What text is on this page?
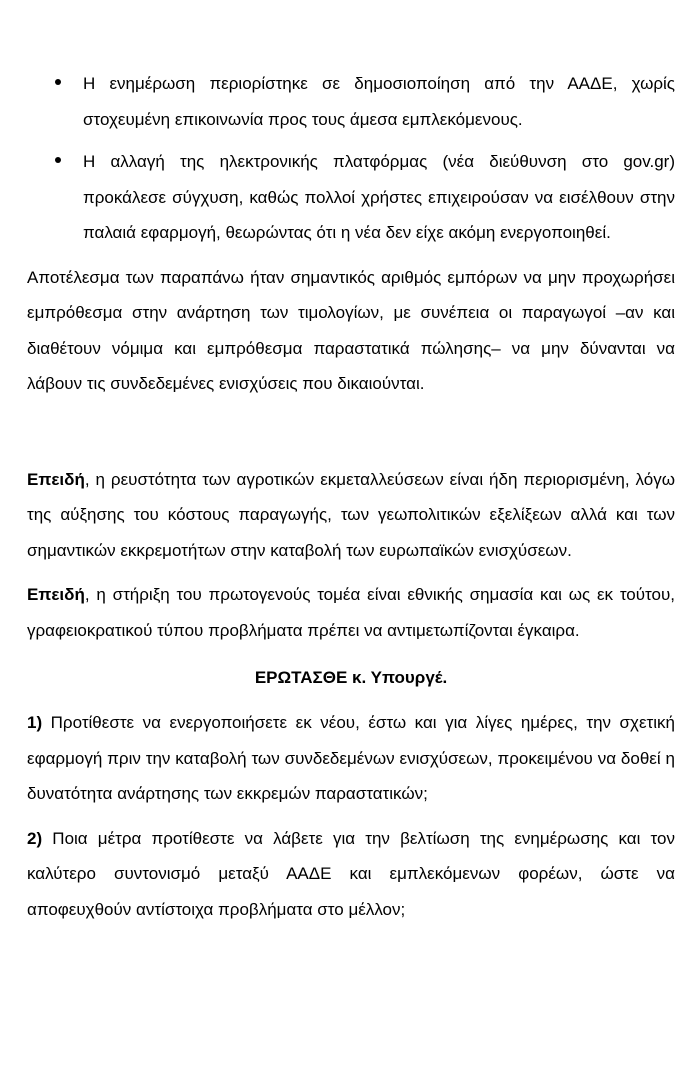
Η ενημέρωση περιορίστηκε σε δημοσιοποίηση από την ΑΑΔΕ, χωρίς στοχευμένη επικοινωνία προς τους άμεσα εμπλεκόμενους.
Η αλλαγή της ηλεκτρονικής πλατφόρμας (νέα διεύθυνση στο gov.gr) προκάλεσε σύγχυση, καθώς πολλοί χρήστες επιχειρούσαν να εισέλθουν στην παλαιά εφαρμογή, θεωρώντας ότι η νέα δεν είχε ακόμη ενεργοποιηθεί.

Αποτέλεσμα των παραπάνω ήταν σημαντικός αριθμός εμπόρων να μην προχωρήσει εμπρόθεσμα στην ανάρτηση των τιμολογίων, με συνέπεια οι παραγωγοί –αν και διαθέτουν νόμιμα και εμπρόθεσμα παραστατικά πώλησης– να μην δύνανται να λάβουν τις συνδεδεμένες ενισχύσεις που δικαιούνται.

Επειδή, η ρευστότητα των αγροτικών εκμεταλλεύσεων είναι ήδη περιορισμένη, λόγω της αύξησης του κόστους παραγωγής, των γεωπολιτικών εξελίξεων αλλά και των σημαντικών εκκρεμοτήτων στην καταβολή των ευρωπαϊκών ενισχύσεων.

Επειδή, η στήριξη του πρωτογενούς τομέα είναι εθνικής σημασία και ως εκ τούτου, γραφειοκρατικού τύπου προβλήματα πρέπει να αντιμετωπίζονται έγκαιρα.

ΕΡΩΤΑΣΘΕ κ. Υπουργέ.

1) Προτίθεστε να ενεργοποιήσετε εκ νέου, έστω και για λίγες ημέρες, την σχετική εφαρμογή πριν την καταβολή των συνδεδεμένων ενισχύσεων, προκειμένου να δοθεί η δυνατότητα ανάρτησης των εκκρεμών παραστατικών;

2) Ποια μέτρα προτίθεστε να λάβετε για την βελτίωση της ενημέρωσης και τον καλύτερο συντονισμό μεταξύ ΑΑΔΕ και εμπλεκόμενων φορέων, ώστε να αποφευχθούν αντίστοιχα προβλήματα στο μέλλον;
